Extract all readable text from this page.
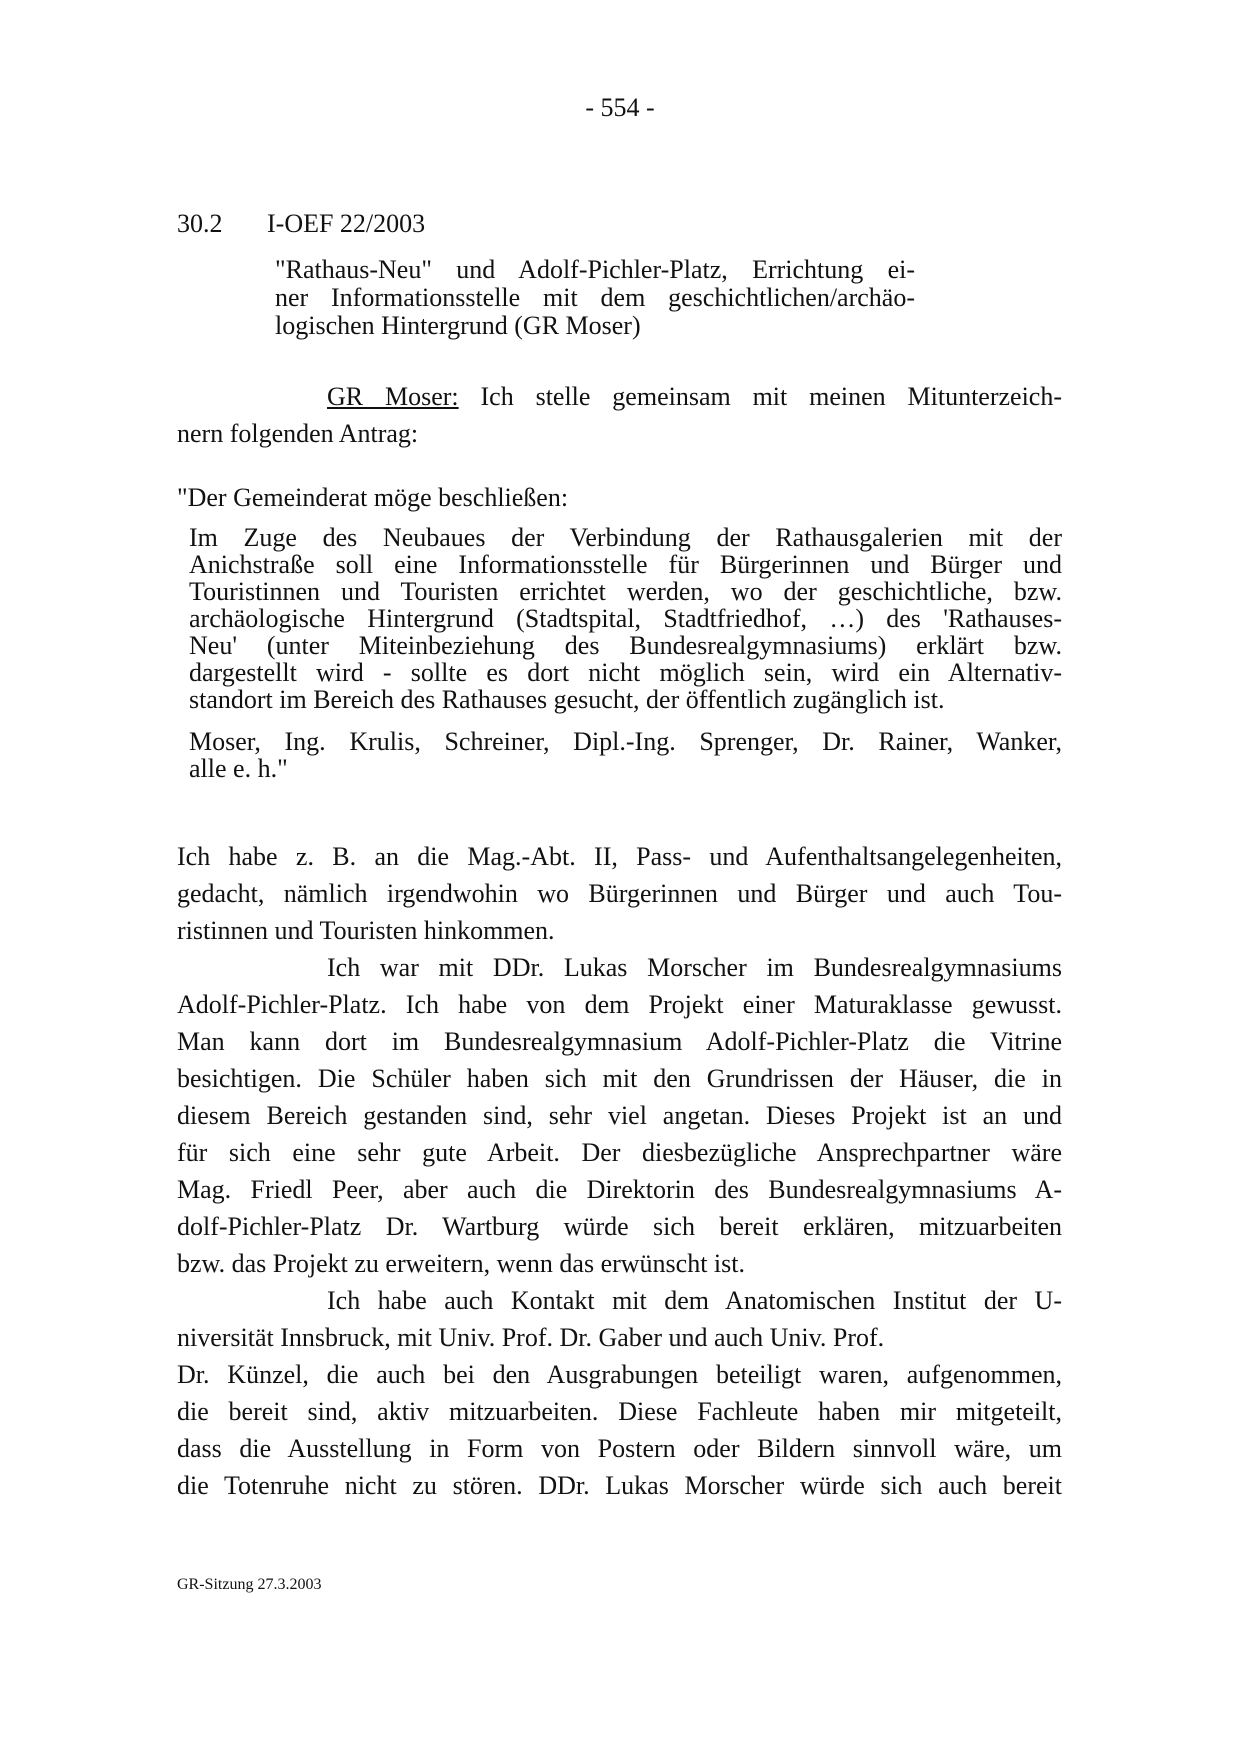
- 554 -
30.2 I-OEF 22/2003
"Rathaus-Neu" und Adolf-Pichler-Platz, Errichtung ei-
ner Informationsstelle mit dem geschichtlichen/archäo-
logischen Hintergrund (GR Moser)
GR Moser: Ich stelle gemeinsam mit meinen Mitunterzeich-
nern folgenden Antrag:
"Der Gemeinderat möge beschließen:
Im Zuge des Neubaues der Verbindung der Rathausgalerien mit der
Anichstraße soll eine Informationsstelle für Bürgerinnen und Bürger und
Touristinnen und Touristen errichtet werden, wo der geschichtliche, bzw.
archäologische Hintergrund (Stadtspital, Stadtfriedhof, …) des 'Rathauses-
Neu' (unter Miteinbeziehung des Bundesrealgymnasiums) erklärt bzw.
dargestellt wird - sollte es dort nicht möglich sein, wird ein Alternativ-
standort im Bereich des Rathauses gesucht, der öffentlich zugänglich ist.
Moser, Ing. Krulis, Schreiner, Dipl.-Ing. Sprenger, Dr. Rainer, Wanker,
alle e. h."
Ich habe z. B. an die Mag.-Abt. II, Pass- und Aufenthaltsangelegenheiten,
gedacht, nämlich irgendwohin wo Bürgerinnen und Bürger und auch Tou-
ristinnen und Touristen hinkommen.
Ich war mit DDr. Lukas Morscher im Bundesrealgymnasiums
Adolf-Pichler-Platz. Ich habe von dem Projekt einer Maturaklasse gewusst.
Man kann dort im Bundesrealgymnasium Adolf-Pichler-Platz die Vitrine
besichtigen. Die Schüler haben sich mit den Grundrissen der Häuser, die in
diesem Bereich gestanden sind, sehr viel angetan. Dieses Projekt ist an und
für sich eine sehr gute Arbeit. Der diesbezügliche Ansprechpartner wäre
Mag. Friedl Peer, aber auch die Direktorin des Bundesrealgymnasiums A-
dolf-Pichler-Platz Dr. Wartburg würde sich bereit erklären, mitzuarbeiten
bzw. das Projekt zu erweitern, wenn das erwünscht ist.
Ich habe auch Kontakt mit dem Anatomischen Institut der U-
niversität Innsbruck, mit Univ. Prof. Dr. Gaber und auch Univ. Prof.
Dr. Künzel, die auch bei den Ausgrabungen beteiligt waren, aufgenommen,
die bereit sind, aktiv mitzuarbeiten. Diese Fachleute haben mir mitgeteilt,
dass die Ausstellung in Form von Postern oder Bildern sinnvoll wäre, um
die Totenruhe nicht zu stören. DDr. Lukas Morscher würde sich auch bereit
GR-Sitzung 27.3.2003
